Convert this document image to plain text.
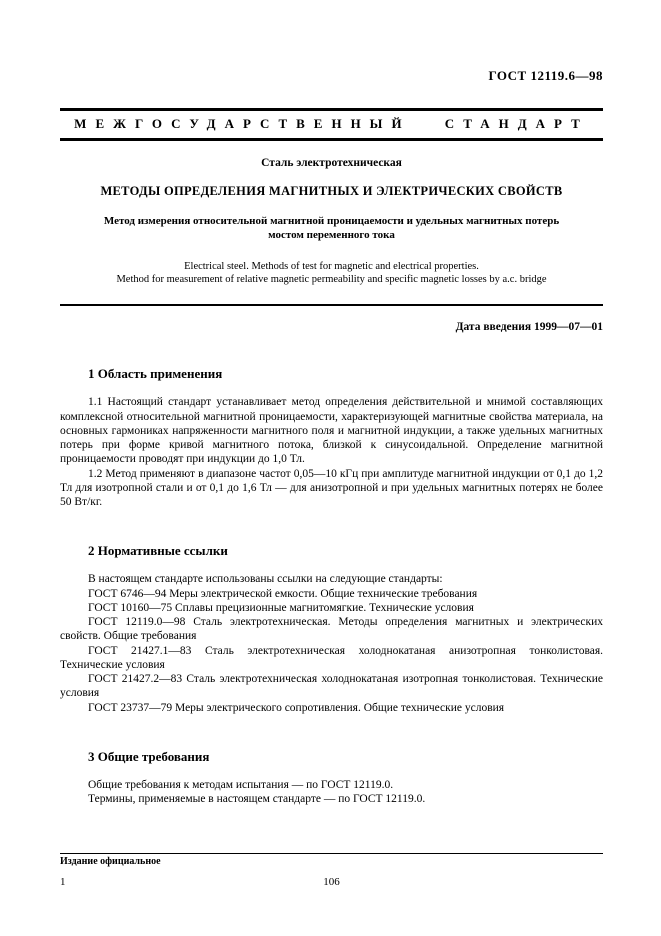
ГОСТ 12119.6—98
МЕЖГОСУДАРСТВЕННЫЙ СТАНДАРТ
Сталь электротехническая
МЕТОДЫ ОПРЕДЕЛЕНИЯ МАГНИТНЫХ И ЭЛЕКТРИЧЕСКИХ СВОЙСТВ
Метод измерения относительной магнитной проницаемости и удельных магнитных потерь
мостом переменного тока
Electrical steel. Methods of test for magnetic and electrical properties.
Method for measurement of relative magnetic permeability and specific magnetic losses by a.c. bridge
Дата введения 1999—07—01
1 Область применения

1.1 Настоящий стандарт устанавливает метод определения действительной и мнимой составляющих комплексной относительной магнитной проницаемости, характеризующей магнитные свойства материала, на основных гармониках напряженности магнитного поля и магнитной индукции, а также удельных магнитных потерь при форме кривой магнитного потока, близкой к синусоидальной. Определение магнитной проницаемости проводят при индукции до 1,0 Тл.

1.2 Метод применяют в диапазоне частот 0,05—10 кГц при амплитуде магнитной индукции от 0,1 до 1,2 Тл для изотропной стали и от 0,1 до 1,6 Тл — для анизотропной и при удельных магнитных потерях не более 50 Вт/кг.

2 Нормативные ссылки

В настоящем стандарте использованы ссылки на следующие стандарты:

ГОСТ 6746—94 Меры электрической емкости. Общие технические требования

ГОСТ 10160—75 Сплавы прецизионные магнитомягкие. Технические условия

ГОСТ 12119.0—98 Сталь электротехническая. Методы определения магнитных и электрических свойств. Общие требования

ГОСТ 21427.1—83 Сталь электротехническая холоднокатаная анизотропная тонколистовая. Технические условия

ГОСТ 21427.2—83 Сталь электротехническая холоднокатаная изотропная тонколистовая. Технические условия

ГОСТ 23737—79 Меры электрического сопротивления. Общие технические условия

3 Общие требования

Общие требования к методам испытания — по ГОСТ 12119.0.

Термины, применяемые в настоящем стандарте — по ГОСТ 12119.0.

Издание официальное
1	106
